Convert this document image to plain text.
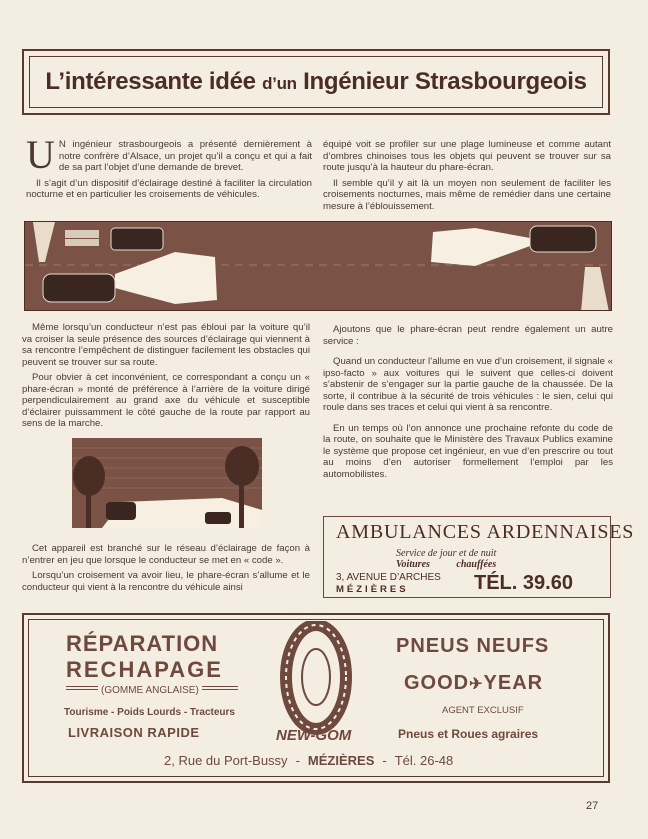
L’intéressante idée d’un Ingénieur Strasbourgeois

U N ingénieur strasbourgeois a présenté dernièrement à notre confrère d’Alsace, un projet qu’il a conçu et qui a fait de sa part l’objet d’une demande de brevet.

Il s’agit d’un dispositif d’éclairage destiné à faciliter la circulation nocturne et en particulier les croisements de véhicules.

équipé voit se profiler sur une plage lumineuse et comme autant d’ombres chinoises tous les objets qui peuvent se trouver sur sa route jusqu’à la hauteur du phare-écran.

Il semble qu’il y ait là un moyen non seulement de faciliter les croisements nocturnes, mais même de remédier dans une certaine mesure à l’éblouissement.

Même lorsqu’un conducteur n’est pas ébloui par la voiture qu’il va croiser la seule présence des sources d’éclairage qui viennent à sa rencontre l’empêchent de distinguer facilement les obstacles qui peuvent se trouver sur sa route.

Pour obvier à cet inconvénient, ce correspondant a conçu un « phare-écran » monté de préférence à l’arrière de la voiture dirigé perpendiculairement au grand axe du véhicule et susceptible d’éclairer puissamment le côté gauche de la route par rapport au sens de la marche.

Ajoutons que le phare-écran peut rendre également un autre service :

Quand un conducteur l’allume en vue d’un croisement, il signale « ipso-facto » aux voitures qui le suivent que celles-ci doivent s’abstenir de s’engager sur la partie gauche de la chaussée. De la sorte, il contribue à la sécurité de trois véhicules : le sien, celui qui roule dans ses traces et celui qui vient à sa rencontre.

En un temps où l’on annonce une prochaine refonte du code de la route, on souhaite que le Ministère des Travaux Publics examine le système que propose cet ingénieur, en vue d’en prescrire ou tout au moins d’en autoriser formellement l’emploi par les automobilistes.

Cet appareil est branché sur le réseau d’éclairage de façon à n’entrer en jeu que lorsque le conducteur se met en « code ».

Lorsqu’un croisement va avoir lieu, le phare-écran s’allume et le conducteur qui vient à la rencontre du véhicule ainsi

AMBULANCES ARDENNAISES
Service de jour et de nuit
Voitures chauffées
3, AVENUE D’ARCHES
MÉZIÈRES	TÉL. 39.60
RÉPARATION
RECHAPAGE
(GOMME ANGLAISE)
Tourisme - Poids Lourds - Tracteurs
LIVRAISON RAPIDE	NEW-GOM
PNEUS NEUFS
GOOD✈YEAR
AGENT EXCLUSIF
Pneus et Roues agraires
2, Rue du Port-Bussy - MÉZIÈRES - Tél. 26-48
27
